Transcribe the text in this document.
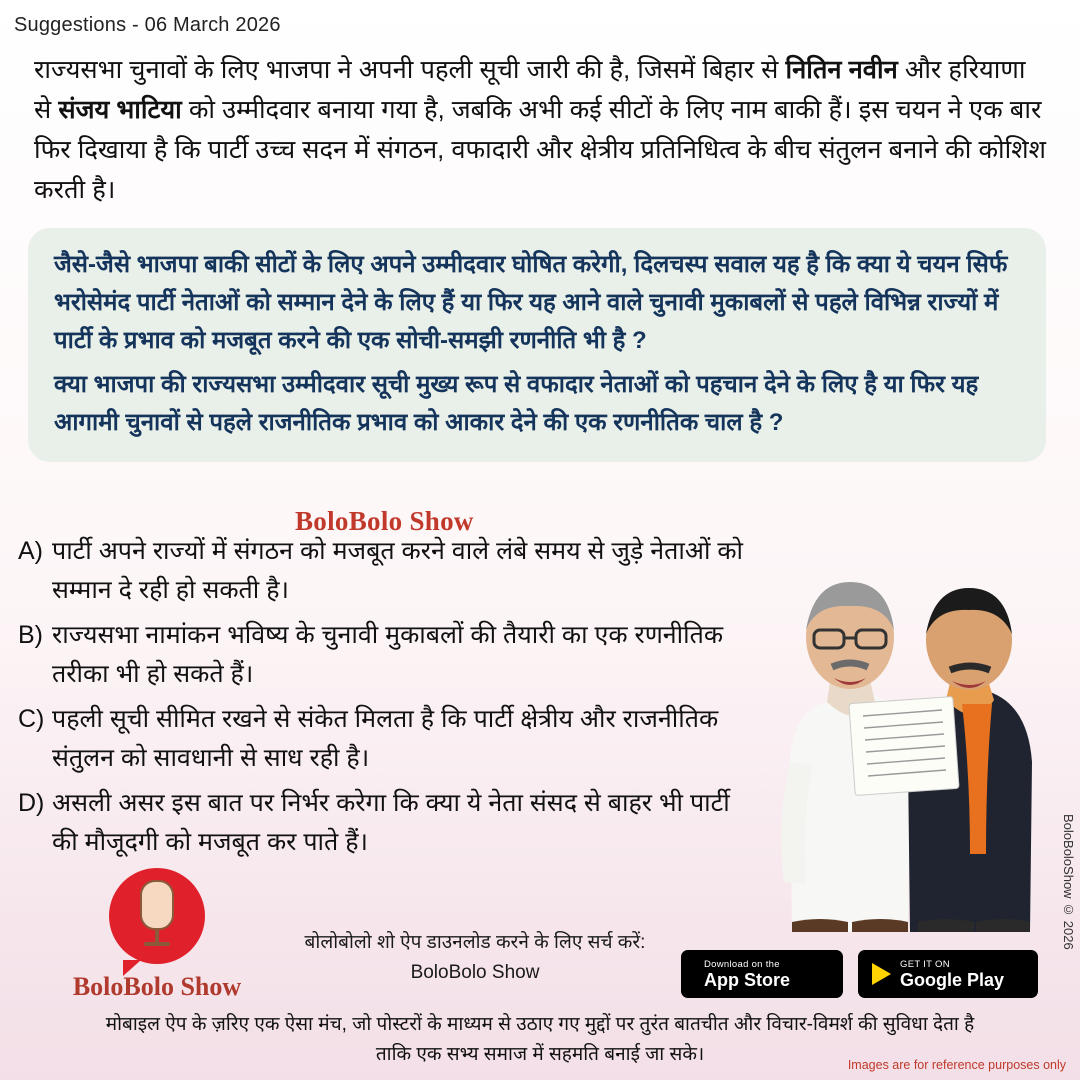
Suggestions - 06 March 2026
राज्यसभा चुनावों के लिए भाजपा ने अपनी पहली सूची जारी की है, जिसमें बिहार से नितिन नवीन और हरियाणा से संजय भाटिया को उम्मीदवार बनाया गया है, जबकि अभी कई सीटों के लिए नाम बाकी हैं। इस चयन ने एक बार फिर दिखाया है कि पार्टी उच्च सदन में संगठन, वफादारी और क्षेत्रीय प्रतिनिधित्व के बीच संतुलन बनाने की कोशिश करती है।

जैसे-जैसे भाजपा बाकी सीटों के लिए अपने उम्मीदवार घोषित करेगी, दिलचस्प सवाल यह है कि क्या ये चयन सिर्फ भरोसेमंद पार्टी नेताओं को सम्मान देने के लिए हैं या फिर यह आने वाले चुनावी मुकाबलों से पहले विभिन्न राज्यों में पार्टी के प्रभाव को मजबूत करने की एक सोची-समझी रणनीति भी है ?

क्या भाजपा की राज्यसभा उम्मीदवार सूची मुख्य रूप से वफादार नेताओं को पहचान देने के लिए है या फिर यह आगामी चुनावों से पहले राजनीतिक प्रभाव को आकार देने की एक रणनीतिक चाल है ?

BoloBolo Show
A) पार्टी अपने राज्यों में संगठन को मजबूत करने वाले लंबे समय से जुड़े नेताओं को सम्मान दे रही हो सकती है।
B) राज्यसभा नामांकन भविष्य के चुनावी मुकाबलों की तैयारी का एक रणनीतिक तरीका भी हो सकते हैं।
C) पहली सूची सीमित रखने से संकेत मिलता है कि पार्टी क्षेत्रीय और राजनीतिक संतुलन को सावधानी से साध रही है।
D) असली असर इस बात पर निर्भर करेगा कि क्या ये नेता संसद से बाहर भी पार्टी की मौजूदगी को मजबूत कर पाते हैं।
BoloBolo Show
बोलोबोलो शो ऐप डाउनलोड करने के लिए सर्च करें:
BoloBolo Show	Download on the
App Store
GET IT ON
Google Play
मोबाइल ऐप के ज़रिए एक ऐसा मंच, जो पोस्टरों के माध्यम से उठाए गए मुद्दों पर तुरंत बातचीत और विचार-विमर्श की सुविधा देता है
ताकि एक सभ्य समाज में सहमति बनाई जा सके।
BoloBoloShow © 2026
Images are for reference purposes only
